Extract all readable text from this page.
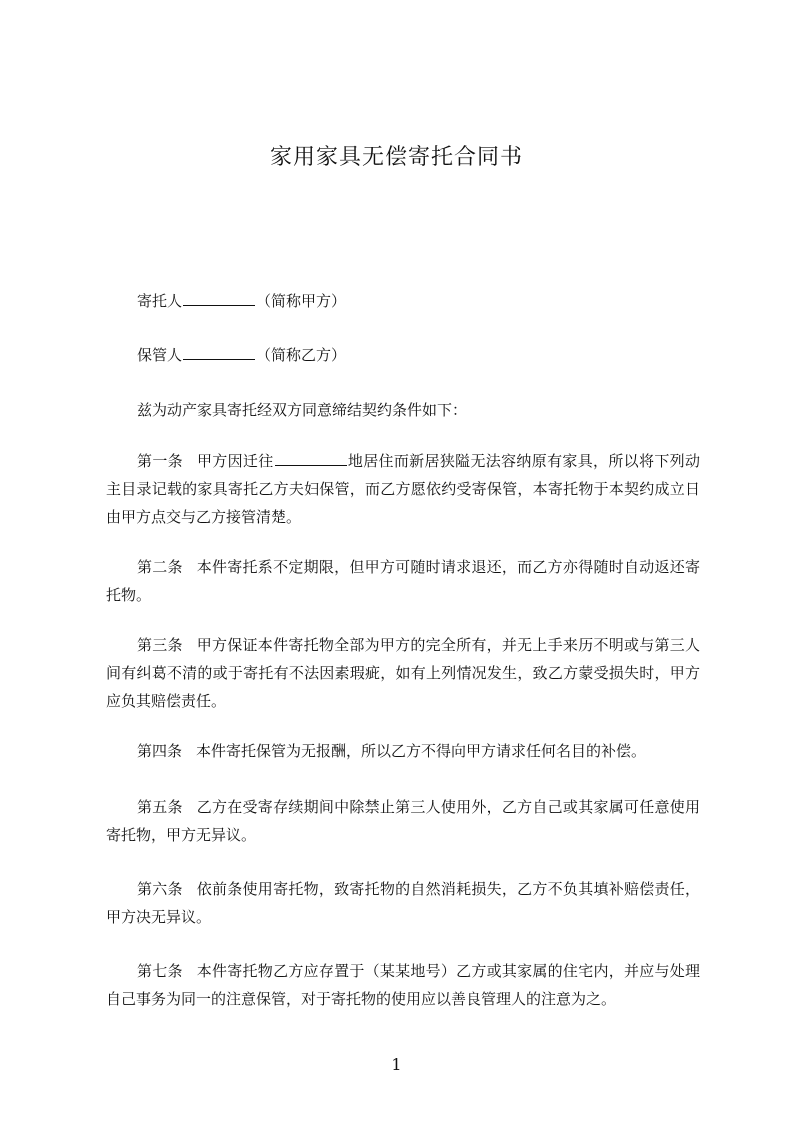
家用家具无偿寄托合同书
寄托人	（简称甲方）
保管人	（简称乙方）
兹为动产家具寄托经双方同意缔结契约条件如下：
第一条 甲方因迁往	地居住而新居狭隘无法容纳原有家具，所以将下列动主目录记载的家具寄托乙方夫妇保管，而乙方愿依约受寄保管，本寄托物于本契约成立日由甲方点交与乙方接管清楚。
第二条 本件寄托系不定期限，但甲方可随时请求退还，而乙方亦得随时自动返还寄托物。
第三条 甲方保证本件寄托物全部为甲方的完全所有，并无上手来历不明或与第三人间有纠葛不清的或于寄托有不法因素瑕疵，如有上列情况发生，致乙方蒙受损失时，甲方应负其赔偿责任。
第四条 本件寄托保管为无报酬，所以乙方不得向甲方请求任何名目的补偿。
第五条 乙方在受寄存续期间中除禁止第三人使用外，乙方自己或其家属可任意使用寄托物，甲方无异议。
第六条 依前条使用寄托物，致寄托物的自然消耗损失，乙方不负其填补赔偿责任，甲方决无异议。
第七条 本件寄托物乙方应存置于（某某地号）乙方或其家属的住宅内，并应与处理自己事务为同一的注意保管，对于寄托物的使用应以善良管理人的注意为之。
1
